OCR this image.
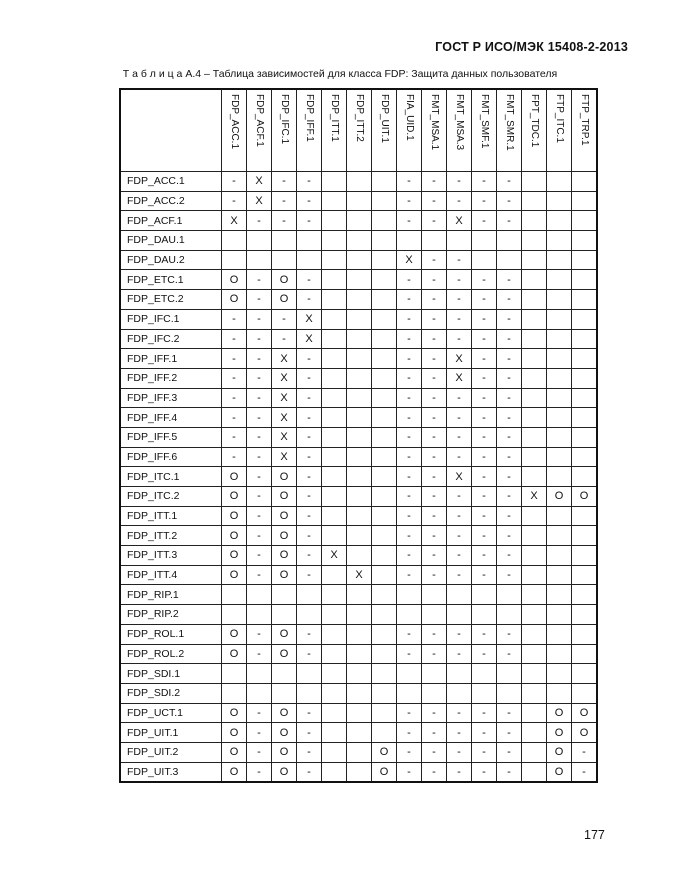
ГОСТ Р ИСО/МЭК 15408-2-2013
Т а б л и ц а А.4 – Таблица зависимостей для класса FDP: Защита данных пользователя
	FDP_ACC.1	FDP_ACF.1	FDP_IFC.1	FDP_IFF.1	FDP_ITT.1	FDP_ITT.2	FDP_UIT.1	FIA_UID.1	FMT_MSA.1	FMT_MSA.3	FMT_SMF.1	FMT_SMR.1	FPT_TDC.1	FTP_ITC.1	FTP_TRP.1
FDP_ACC.1	-	X	-	-				-	-	-	-	-			
FDP_ACC.2	-	X	-	-				-	-	-	-	-			
FDP_ACF.1	X	-	-	-				-	-	X	-	-			
FDP_DAU.1															
FDP_DAU.2								X	-	-					
FDP_ETC.1	O	-	O	-				-	-	-	-	-			
FDP_ETC.2	O	-	O	-				-	-	-	-	-			
FDP_IFC.1	-	-	-	X				-	-	-	-	-			
FDP_IFC.2	-	-	-	X				-	-	-	-	-			
FDP_IFF.1	-	-	X	-				-	-	X	-	-			
FDP_IFF.2	-	-	X	-				-	-	X	-	-			
FDP_IFF.3	-	-	X	-				-	-	-	-	-			
FDP_IFF.4	-	-	X	-				-	-	-	-	-			
FDP_IFF.5	-	-	X	-				-	-	-	-	-			
FDP_IFF.6	-	-	X	-				-	-	-	-	-			
FDP_ITC.1	O	-	O	-				-	-	X	-	-			
FDP_ITC.2	O	-	O	-				-	-	-	-	-	X	O	O
FDP_ITT.1	O	-	O	-				-	-	-	-	-			
FDP_ITT.2	O	-	O	-				-	-	-	-	-			
FDP_ITT.3	O	-	O	-	X			-	-	-	-	-			
FDP_ITT.4	O	-	O	-		X		-	-	-	-	-			
FDP_RIP.1															
FDP_RIP.2															
FDP_ROL.1	O	-	O	-				-	-	-	-	-			
FDP_ROL.2	O	-	O	-				-	-	-	-	-			
FDP_SDI.1															
FDP_SDI.2															
FDP_UCT.1	O	-	O	-				-	-	-	-	-		O	O
FDP_UIT.1	O	-	O	-				-	-	-	-	-		O	O
FDP_UIT.2	O	-	O	-			O	-	-	-	-	-		O	-
FDP_UIT.3	O	-	O	-			O	-	-	-	-	-		O	-
177
